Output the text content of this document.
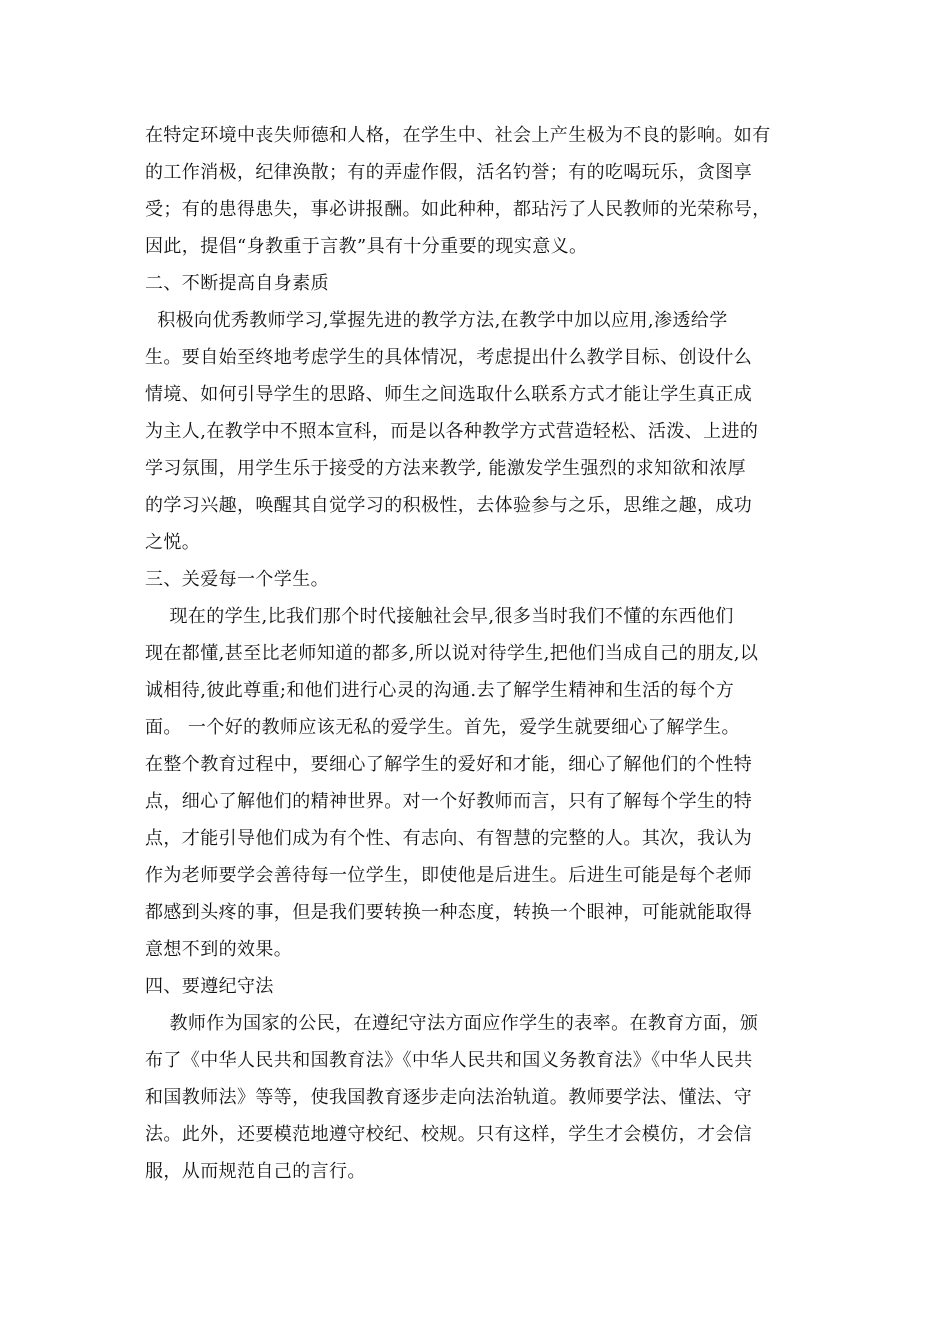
在特定环境中丧失师德和人格，在学生中、社会上产生极为不良的影响。如有
的工作消极，纪律涣散；有的弄虚作假，活名钓誉；有的吃喝玩乐，贪图享
受；有的患得患失，事必讲报酬。如此种种，都玷污了人民教师的光荣称号，
因此，提倡“身教重于言教”具有十分重要的现实意义。
二、不断提高自身素质
积极向优秀教师学习,掌握先进的教学方法,在教学中加以应用,渗透给学
生。要自始至终地考虑学生的具体情况，考虑提出什么教学目标、创设什么
情境、如何引导学生的思路、师生之间选取什么联系方式才能让学生真正成
为主人,在教学中不照本宣科，而是以各种教学方式营造轻松、活泼、上进的
学习氛围，用学生乐于接受的方法来教学, 能激发学生强烈的求知欲和浓厚
的学习兴趣，唤醒其自觉学习的积极性，去体验参与之乐，思维之趣，成功
之悦。
三、关爱每一个学生。
现在的学生,比我们那个时代接触社会早,很多当时我们不懂的东西他们
现在都懂,甚至比老师知道的都多,所以说对待学生,把他们当成自己的朋友,以
诚相待,彼此尊重;和他们进行心灵的沟通.去了解学生精神和生活的每个方
面。 一个好的教师应该无私的爱学生。首先，爱学生就要细心了解学生。
在整个教育过程中，要细心了解学生的爱好和才能，细心了解他们的个性特
点，细心了解他们的精神世界。对一个好教师而言，只有了解每个学生的特
点，才能引导他们成为有个性、有志向、有智慧的完整的人。其次，我认为
作为老师要学会善待每一位学生，即使他是后进生。后进生可能是每个老师
都感到头疼的事，但是我们要转换一种态度，转换一个眼神，可能就能取得
意想不到的效果。
四、要遵纪守法
教师作为国家的公民，在遵纪守法方面应作学生的表率。在教育方面，颁
布了《中华人民共和国教育法》《中华人民共和国义务教育法》《中华人民共
和国教师法》等等，使我国教育逐步走向法治轨道。教师要学法、懂法、守
法。此外，还要模范地遵守校纪、校规。只有这样，学生才会模仿，才会信
服，从而规范自己的言行。
